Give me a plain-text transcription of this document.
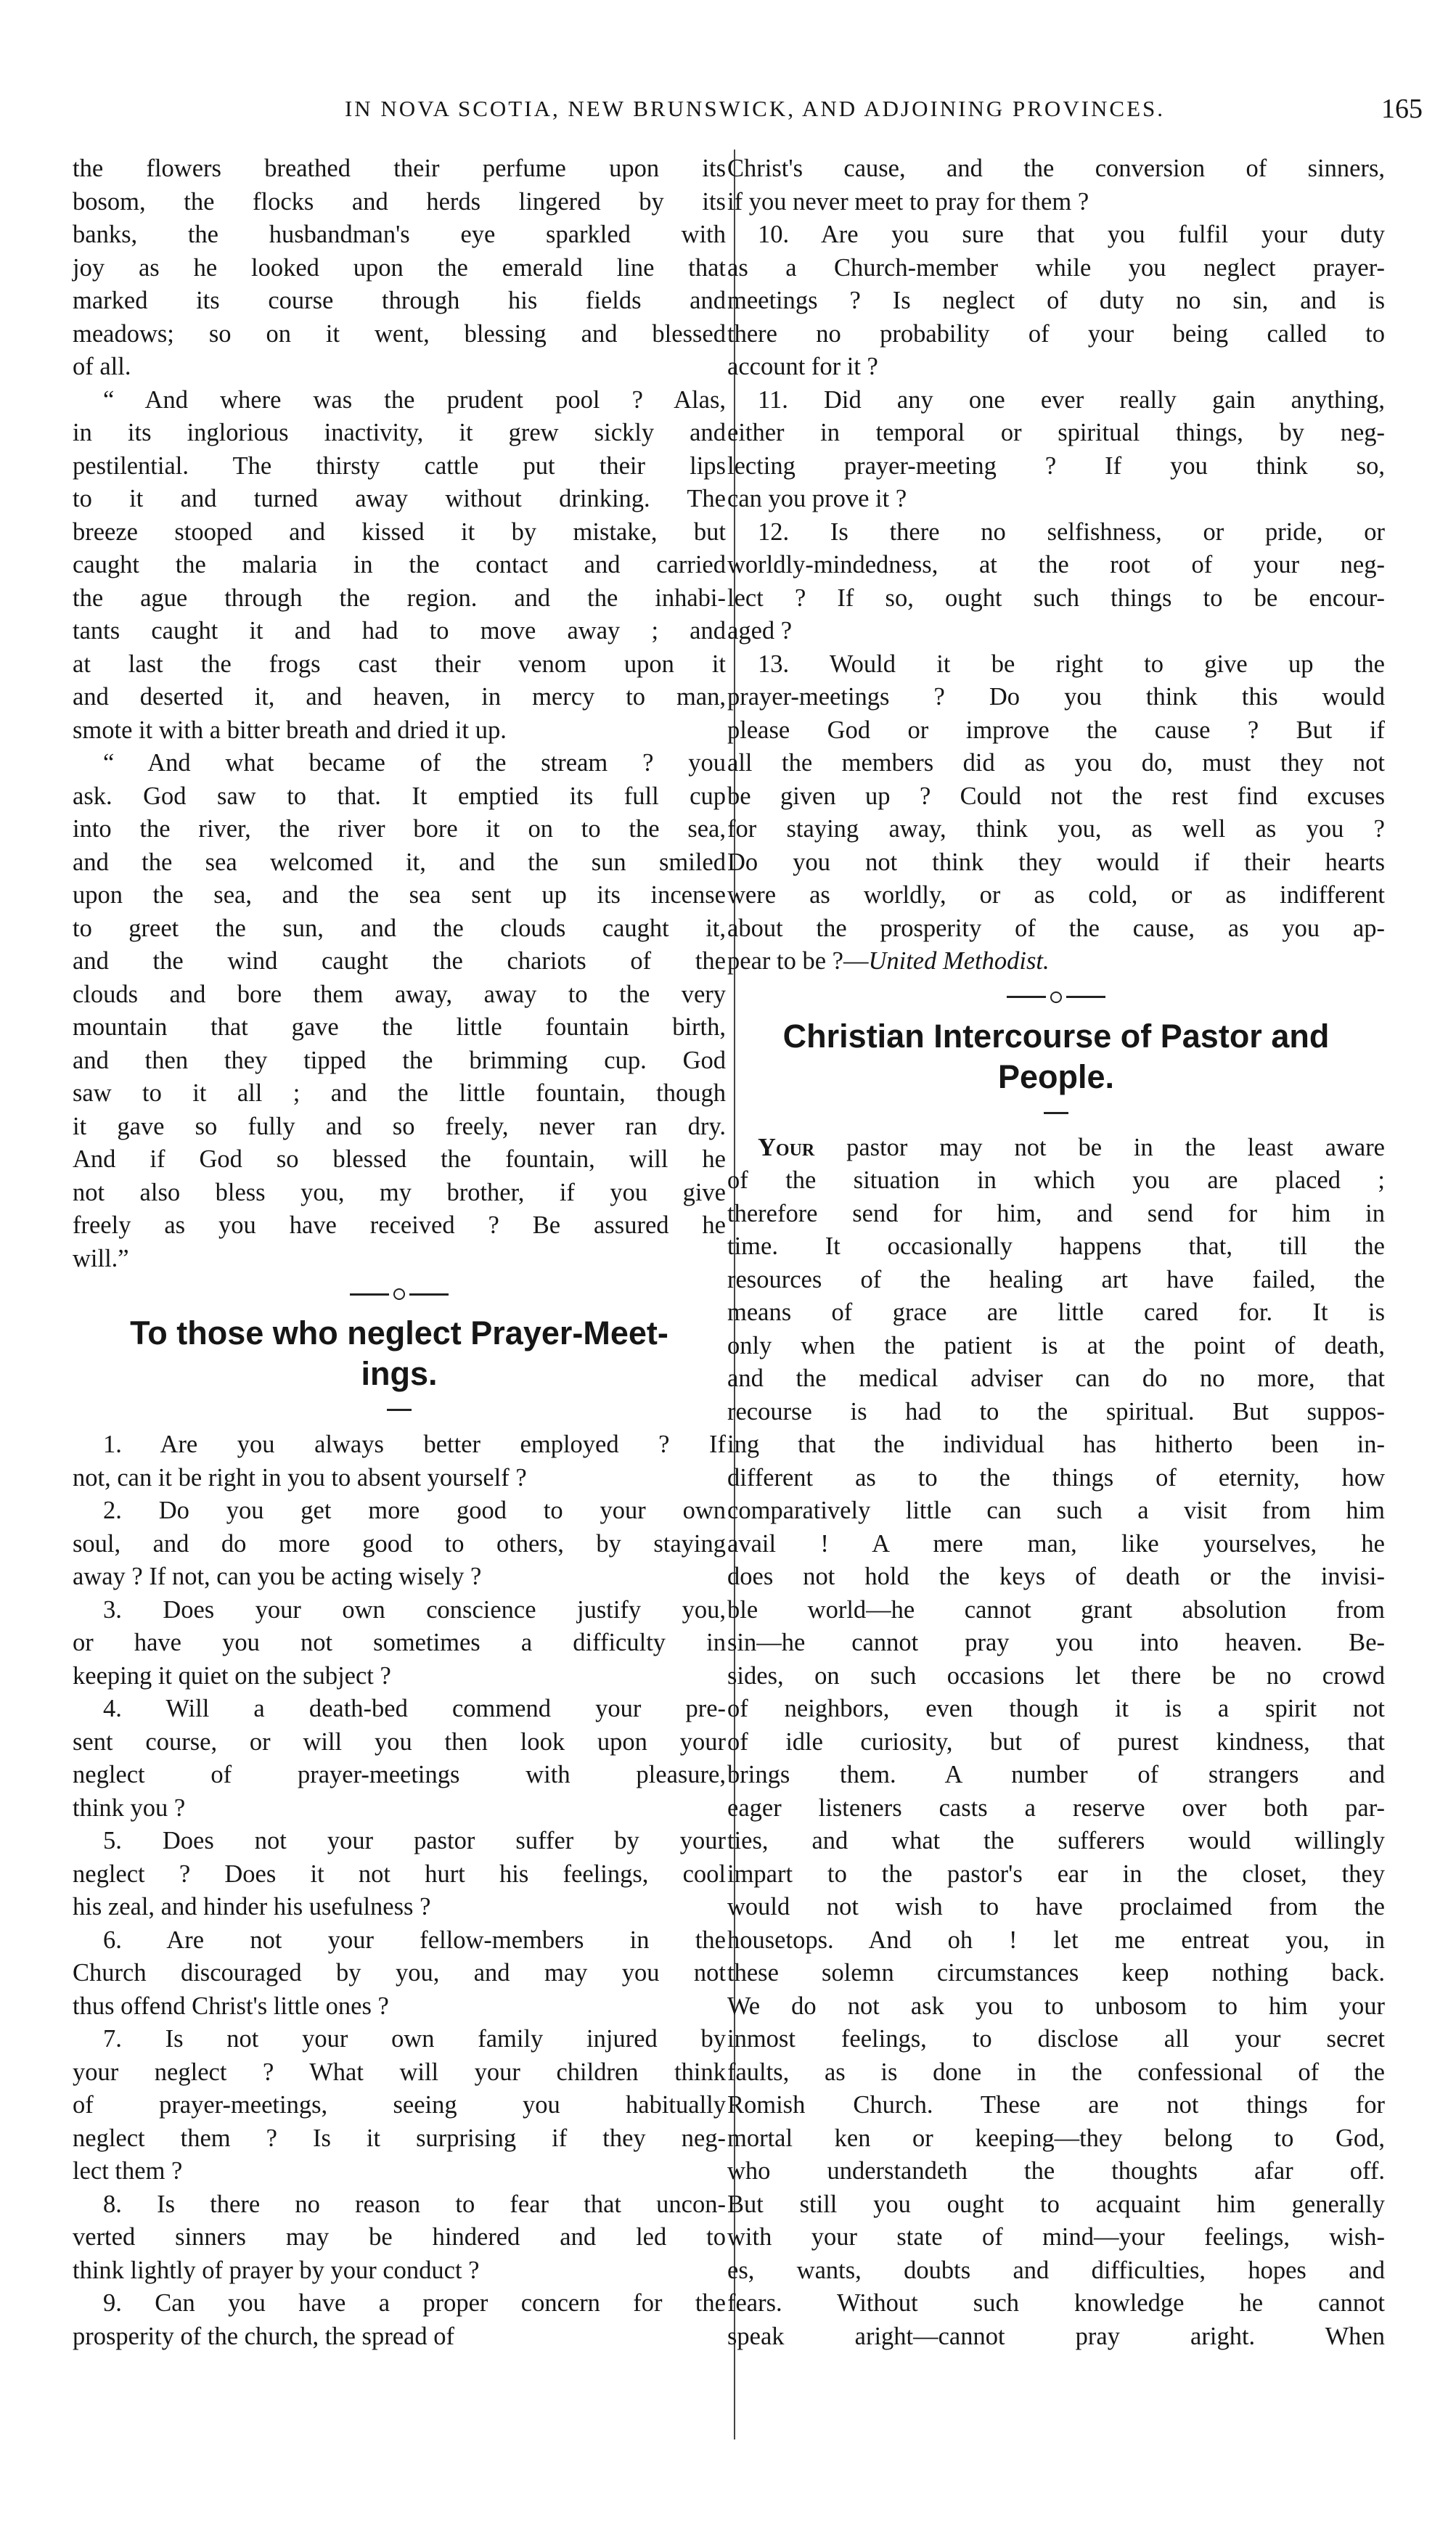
IN NOVA SCOTIA, NEW BRUNSWICK, AND ADJOINING PROVINCES.	165
the flowers breathed their perfume upon its
bosom, the flocks and herds lingered by its
banks, the husbandman's eye sparkled with
joy as he looked upon the emerald line that
marked its course through his fields and
meadows; so on it went, blessing and blessed
of all.
“ And where was the prudent pool ? Alas,
in its inglorious inactivity, it grew sickly and
pestilential. The thirsty cattle put their lips
to it and turned away without drinking. The
breeze stooped and kissed it by mistake, but
caught the malaria in the contact and carried
the ague through the region. and the inhabi-
tants caught it and had to move away ; and
at last the frogs cast their venom upon it
and deserted it, and heaven, in mercy to man,
smote it with a bitter breath and dried it up.
“ And what became of the stream ? you
ask. God saw to that. It emptied its full cup
into the river, the river bore it on to the sea,
and the sea welcomed it, and the sun smiled
upon the sea, and the sea sent up its incense
to greet the sun, and the clouds caught it,
and the wind caught the chariots of the
clouds and bore them away, away to the very
mountain that gave the little fountain birth,
and then they tipped the brimming cup. God
saw to it all ; and the little fountain, though
it gave so fully and so freely, never ran dry.
And if God so blessed the fountain, will he
not also bless you, my brother, if you give
freely as you have received ? Be assured he
will.”
To those who neglect Prayer-Meet-
ings.
1. Are you always better employed ? If
not, can it be right in you to absent yourself ?
2. Do you get more good to your own
soul, and do more good to others, by staying
away ? If not, can you be acting wisely ?
3. Does your own conscience justify you,
or have you not sometimes a difficulty in
keeping it quiet on the subject ?
4. Will a death-bed commend your pre-
sent course, or will you then look upon your
neglect of prayer-meetings with pleasure,
think you ?
5. Does not your pastor suffer by your
neglect ? Does it not hurt his feelings, cool
his zeal, and hinder his usefulness ?
6. Are not your fellow-members in the
Church discouraged by you, and may you not
thus offend Christ's little ones ?
7. Is not your own family injured by
your neglect ? What will your children think
of prayer-meetings, seeing you habitually
neglect them ? Is it surprising if they neg-
lect them ?
8. Is there no reason to fear that uncon-
verted sinners may be hindered and led to
think lightly of prayer by your conduct ?
9. Can you have a proper concern for the
prosperity of the church, the spread of
Christ's cause, and the conversion of sinners,
if you never meet to pray for them ?
10. Are you sure that you fulfil your duty
as a Church-member while you neglect prayer-
meetings ? Is neglect of duty no sin, and is
there no probability of your being called to
account for it ?
11. Did any one ever really gain anything,
either in temporal or spiritual things, by neg-
lecting prayer-meeting ? If you think so,
can you prove it ?
12. Is there no selfishness, or pride, or
worldly-mindedness, at the root of your neg-
lect ? If so, ought such things to be encour-
aged ?
13. Would it be right to give up the
prayer-meetings ? Do you think this would
please God or improve the cause ? But if
all the members did as you do, must they not
be given up ? Could not the rest find excuses
for staying away, think you, as well as you ?
Do you not think they would if their hearts
were as worldly, or as cold, or as indifferent
about the prosperity of the cause, as you ap-
pear to be ?—United Methodist.
Christian Intercourse of Pastor and
People.
Your pastor may not be in the least aware
of the situation in which you are placed ;
therefore send for him, and send for him in
time. It occasionally happens that, till the
resources of the healing art have failed, the
means of grace are little cared for. It is
only when the patient is at the point of death,
and the medical adviser can do no more, that
recourse is had to the spiritual. But suppos-
ing that the individual has hitherto been in-
different as to the things of eternity, how
comparatively little can such a visit from him
avail ! A mere man, like yourselves, he
does not hold the keys of death or the invisi-
ble world—he cannot grant absolution from
sin—he cannot pray you into heaven. Be-
sides, on such occasions let there be no crowd
of neighbors, even though it is a spirit not
of idle curiosity, but of purest kindness, that
brings them. A number of strangers and
eager listeners casts a reserve over both par-
ties, and what the sufferers would willingly
impart to the pastor's ear in the closet, they
would not wish to have proclaimed from the
housetops. And oh ! let me entreat you, in
these solemn circumstances keep nothing back.
We do not ask you to unbosom to him your
inmost feelings, to disclose all your secret
faults, as is done in the confessional of the
Romish Church. These are not things for
mortal ken or keeping—they belong to God,
who understandeth the thoughts afar off.
But still you ought to acquaint him generally
with your state of mind—your feelings, wish-
es, wants, doubts and difficulties, hopes and
fears. Without such knowledge he cannot
speak aright—cannot pray aright. When
